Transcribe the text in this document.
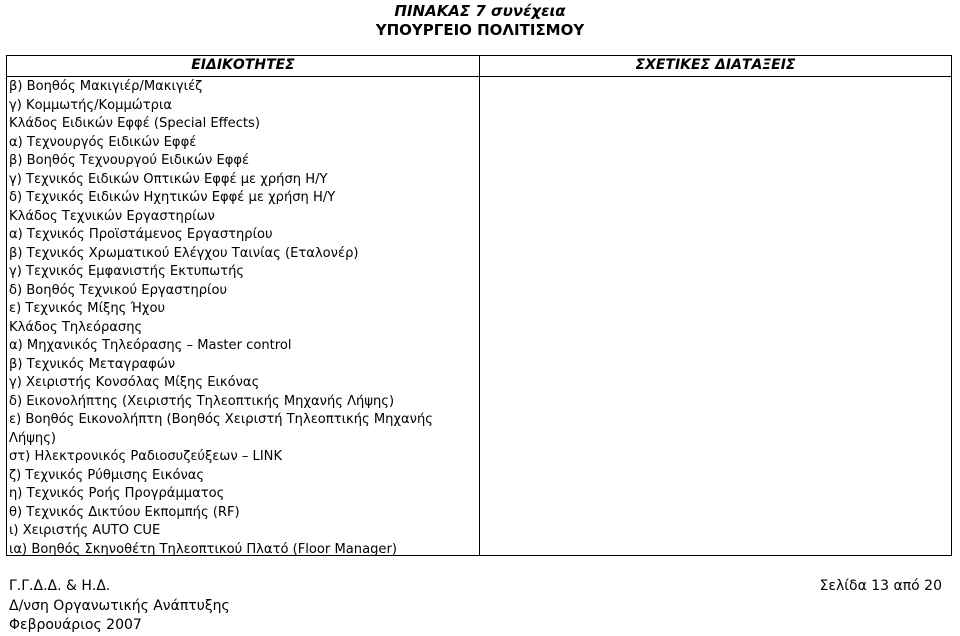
ΠΙΝΑΚΑΣ 7 συνέχεια
ΥΠΟΥΡΓΕΙΟ ΠΟΛΙΤΙΣΜΟΥ
ΕΙΔΙΚΟΤΗΤΕΣ	ΣΧΕΤΙΚΕΣ ΔΙΑΤΑΞΕΙΣ
β) Βοηθός Μακιγιέρ/Μακιγιέζ
γ) Κομμωτής/Κομμώτρια
Κλάδος Ειδικών Εφφέ (Special Effects)
α) Τεχνουργός Ειδικών Εφφέ
β) Βοηθός Τεχνουργού Ειδικών Εφφέ
γ) Τεχνικός Ειδικών Οπτικών Εφφέ με χρήση Η/Υ
δ) Τεχνικός Ειδικών Ηχητικών Εφφέ με χρήση Η/Υ
Κλάδος Τεχνικών Εργαστηρίων
α) Τεχνικός Προϊστάμενος Εργαστηρίου
β) Τεχνικός Χρωματικού Ελέγχου Ταινίας (Εταλονέρ)
γ) Τεχνικός Εμφανιστής Εκτυπωτής
δ) Βοηθός Τεχνικού Εργαστηρίου
ε) Τεχνικός Μίξης Ήχου
Κλάδος Τηλεόρασης
α) Μηχανικός Τηλεόρασης – Master control
β) Τεχνικός Μεταγραφών
γ) Χειριστής Κονσόλας Μίξης Εικόνας
δ) Εικονολήπτης (Χειριστής Τηλεοπτικής Μηχανής Λήψης)
ε) Βοηθός Εικονολήπτη (Βοηθός Χειριστή Τηλεοπτικής Μηχανής Λήψης)
στ) Ηλεκτρονικός Ραδιοσυζεύξεων – LINK
ζ) Τεχνικός Ρύθμισης Εικόνας
η) Τεχνικός Ροής Προγράμματος
θ) Τεχνικός Δικτύου Εκπομπής (RF)
ι) Χειριστής AUTO CUE
ια) Βοηθός Σκηνοθέτη Τηλεοπτικού Πλατό (Floor Manager)
Γ.Γ.Δ.Δ. & Η.Δ.
Δ/νση Οργανωτικής Ανάπτυξης
Φεβρουάριος 2007
Σελίδα 13 από 20
